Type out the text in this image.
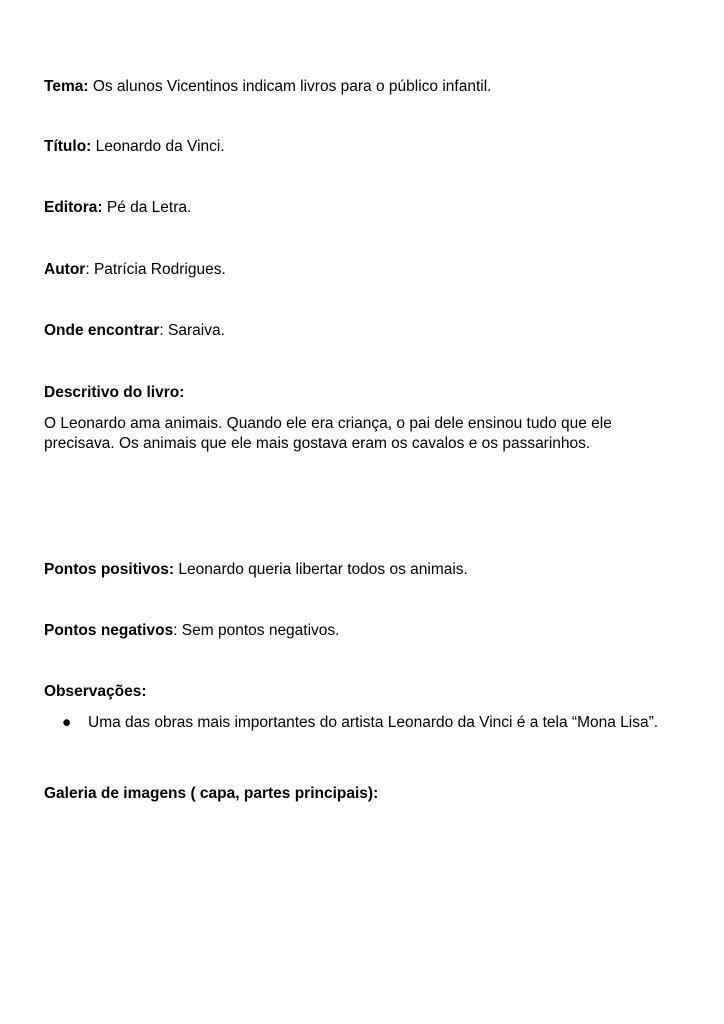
Tema: Os alunos Vicentinos indicam livros para o público infantil.
Título: Leonardo da Vinci.
Editora: Pé da Letra.
Autor: Patrícia Rodrigues.
Onde encontrar: Saraiva.
Descritivo do livro:
O Leonardo ama animais. Quando ele era criança, o pai dele ensinou tudo que ele precisava. Os animais que ele mais gostava eram os cavalos e os passarinhos.
Pontos positivos: Leonardo queria libertar todos os animais.
Pontos negativos: Sem pontos negativos.
Observações:
● Uma das obras mais importantes do artista Leonardo da Vinci é a tela “Mona Lisa”.
Galeria de imagens ( capa, partes principais):
